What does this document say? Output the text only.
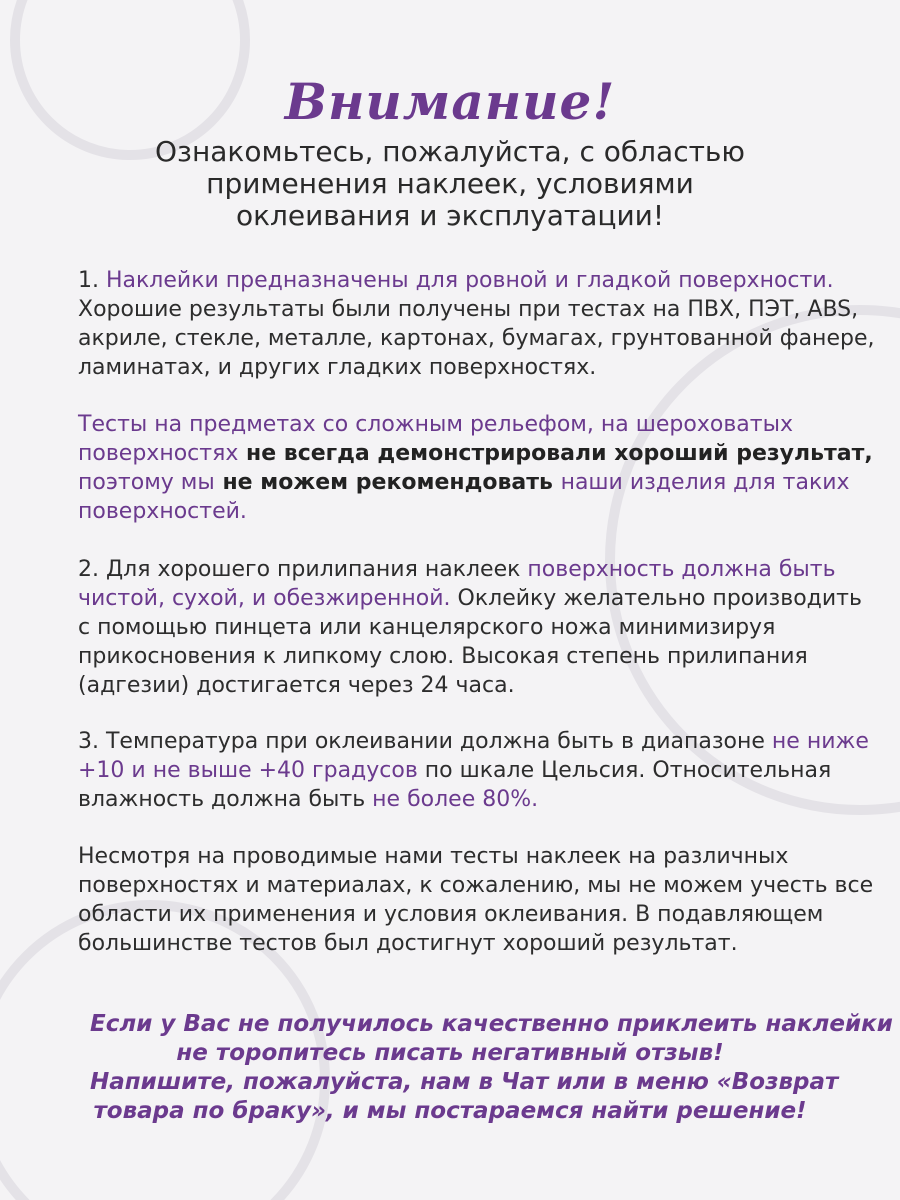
Внимание!
Ознакомьтесь, пожалуйста, с областью
применения наклеек, условиями
оклеивания и эксплуатации!
1. Наклейки предназначены для ровной и гладкой поверхности.
Хорошие результаты были получены при тестах на ПВХ, ПЭТ, ABS,
акриле, стекле, металле, картонах, бумагах, грунтованной фанере,
ламинатах, и других гладких поверхностях.
Тесты на предметах со сложным рельефом, на шероховатых
поверхностях не всегда демонстрировали хороший результат,
поэтому мы не можем рекомендовать наши изделия для таких
поверхностей.
2. Для хорошего прилипания наклеек поверхность должна быть
чистой, сухой, и обезжиренной. Оклейку желательно производить
с помощью пинцета или канцелярского ножа минимизируя
прикосновения к липкому слою. Высокая степень прилипания
(адгезии) достигается через 24 часа.
3. Температура при оклеивании должна быть в диапазоне не ниже
+10 и не выше +40 градусов по шкале Цельсия. Относительная
влажность должна быть не более 80%.
Несмотря на проводимые нами тесты наклеек на различных
поверхностях и материалах, к сожалению, мы не можем учесть все
области их применения и условия оклеивания. В подавляющем
большинстве тестов был достигнут хороший результат.
Если у Вас не получилось качественно приклеить наклейки
не торопитесь писать негативный отзыв!
Напишите, пожалуйста, нам в Чат или в меню «Возврат
товара по браку», и мы постараемся найти решение!
